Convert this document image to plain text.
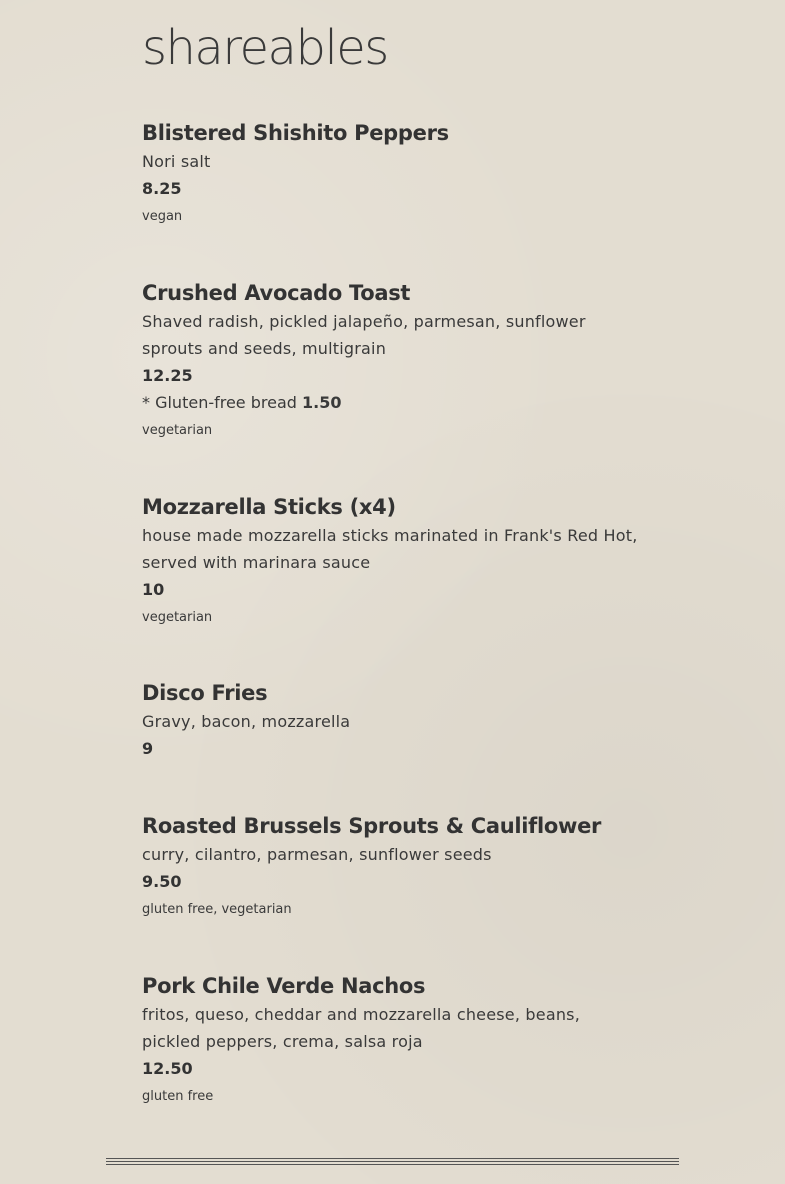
shareables
Blistered Shishito Peppers

Nori salt

8.25

vegan

Crushed Avocado Toast

Shaved radish, pickled jalapeño, parmesan, sunflower sprouts and seeds, multigrain

12.25

* Gluten-free bread 1.50

vegetarian

Mozzarella Sticks (x4)

house made mozzarella sticks marinated in Frank's Red Hot, served with marinara sauce

10

vegetarian

Disco Fries

Gravy, bacon, mozzarella

9

Roasted Brussels Sprouts & Cauliflower

curry, cilantro, parmesan, sunflower seeds

9.50

gluten free, vegetarian

Pork Chile Verde Nachos

fritos, queso, cheddar and mozzarella cheese, beans, pickled peppers, crema, salsa roja

12.50

gluten free
